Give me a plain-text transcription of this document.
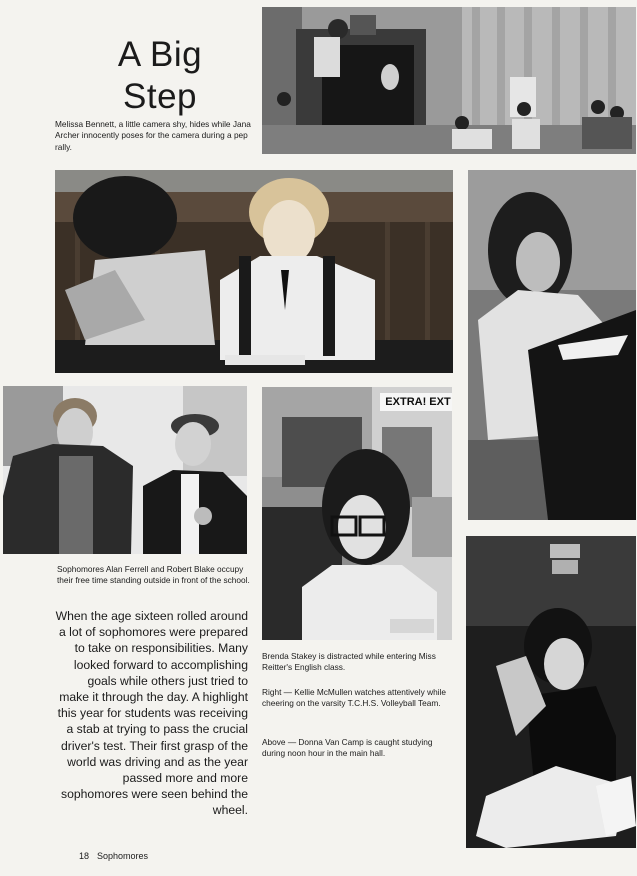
A Big
Step
Melissa Bennett, a little camera shy, hides while Jana Archer innocently poses for the camera during a pep rally.
Sophomores Alan Ferrell and Robert Blake occupy their free time standing outside in front of the school.
EXTRA! EXT
Brenda Stakey is distracted while entering Miss Reitter's English class.
Right — Kellie McMullen watches attentively while cheering on the varsity T.C.H.S. Volleyball Team.
Above — Donna Van Camp is caught studying during noon hour in the main hall.

When the age sixteen rolled around a lot of sophomores were prepared to take on responsibilities. Many looked forward to accomplishing goals while others just tried to make it through the day. A highlight this year for students was receiving a stab at trying to pass the crucial driver's test. Their first grasp of the world was driving and as the year passed more and more sophomores were seen behind the wheel.

18 Sophomores
